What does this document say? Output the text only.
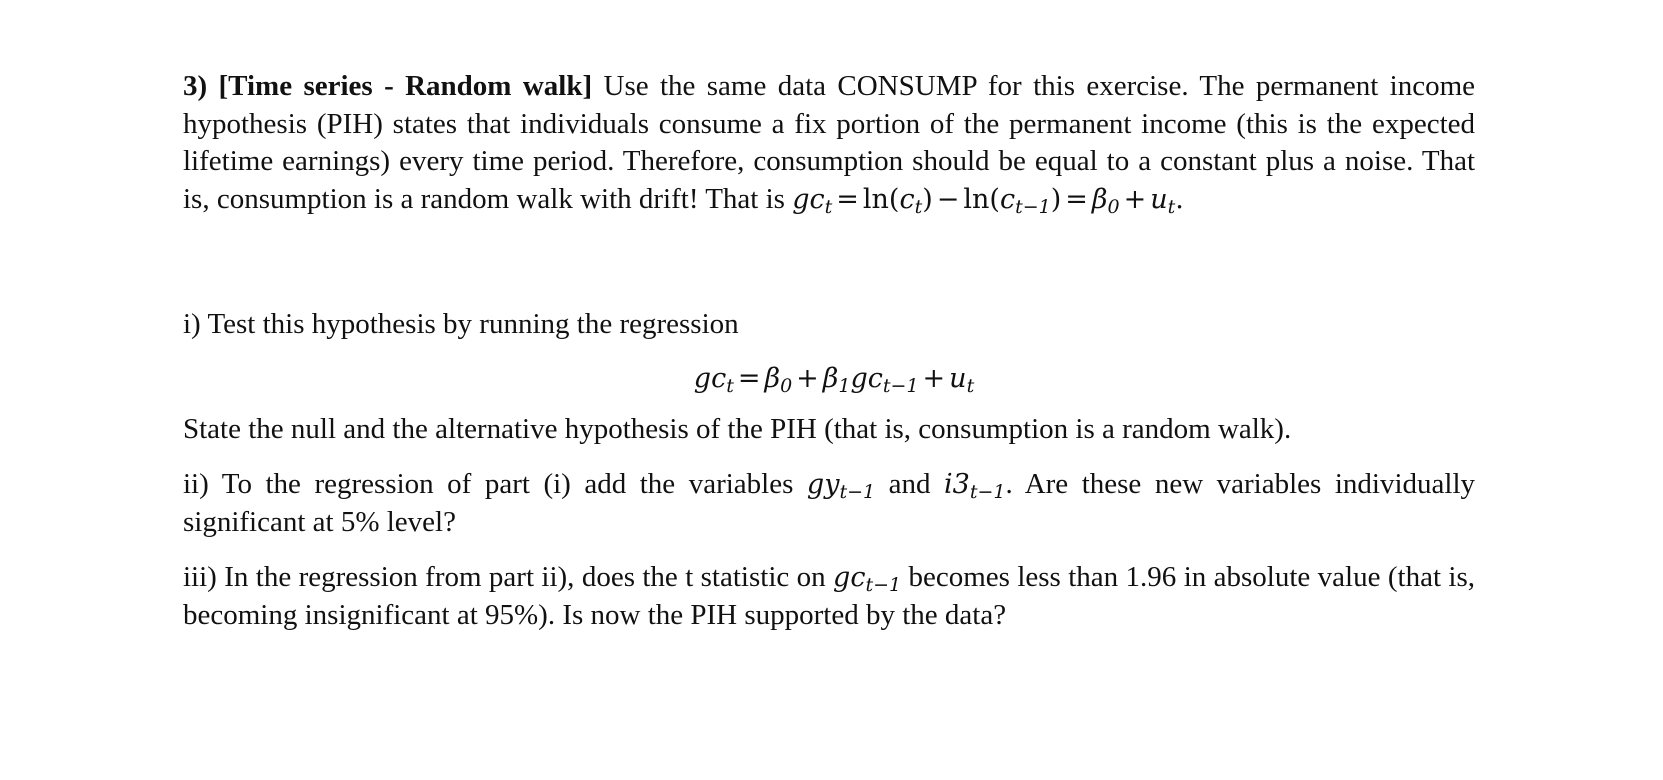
3) [Time series - Random walk] Use the same data CONSUMP for this exercise. The permanent income hypothesis (PIH) states that individuals consume a fix portion of the permanent income (this is the expected lifetime earnings) every time period. Therefore, consumption should be equal to a constant plus a noise. That is, consumption is a random walk with drift! That is $gc_t = \ln(c_t) - \ln(c_{t-1}) = \beta_0 + u_t$.

i) Test this hypothesis by running the regression

$gc_t = \beta_0 + \beta_1gc_{t-1} + u_t$

State the null and the alternative hypothesis of the PIH (that is, consumption is a random walk).

ii) To the regression of part (i) add the variables $gy_{t-1}$ and $i3_{t-1}$. Are these new variables individually significant at 5% level?

iii) In the regression from part ii), does the t statistic on $gc_{t-1}$ becomes less than 1.96 in absolute value (that is, becoming insignificant at 95%). Is now the PIH supported by the data?
